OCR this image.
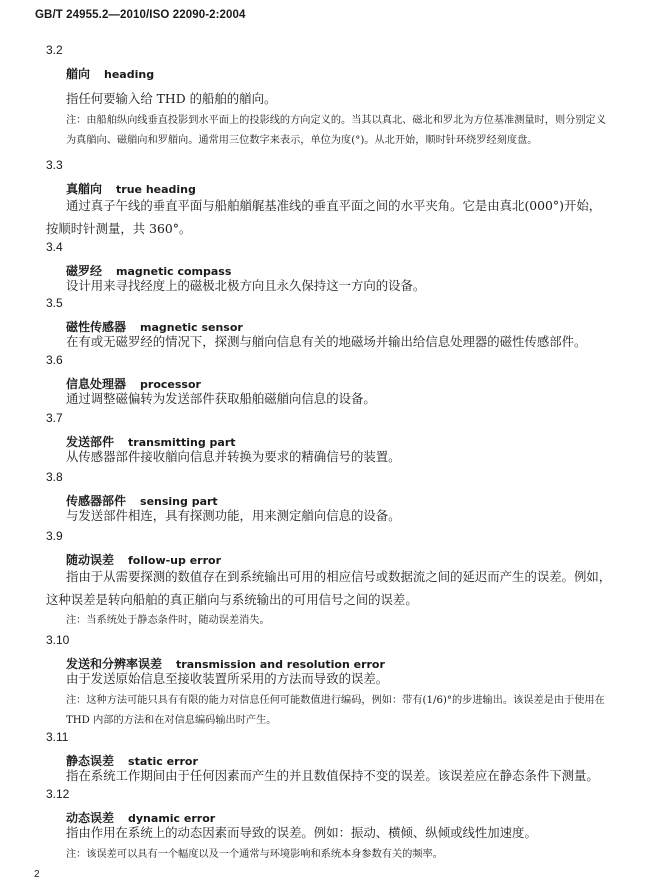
GB/T 24955.2—2010/ISO 22090-2:2004
3.2
艏向 heading
指任何要输入给 THD 的船舶的艏向。
注：由船舶纵向线垂直投影到水平面上的投影线的方向定义的。当其以真北、磁北和罗北为方位基准测量时，则分别定义为真艏向、磁艏向和罗艏向。通常用三位数字来表示，单位为度(°)。从北开始，顺时针环绕罗经刻度盘。
3.3
真艏向 true heading
通过真子午线的垂直平面与船舶艏艉基准线的垂直平面之间的水平夹角。它是由真北(000°)开始，按顺时针测量，共 360°。
3.4
磁罗经 magnetic compass
设计用来寻找经度上的磁极北极方向且永久保持这一方向的设备。
3.5
磁性传感器 magnetic sensor
在有或无磁罗经的情况下，探测与艏向信息有关的地磁场并输出给信息处理器的磁性传感部件。
3.6
信息处理器 processor
通过调整磁偏转为发送部件获取船舶磁艏向信息的设备。
3.7
发送部件 transmitting part
从传感器部件接收艏向信息并转换为要求的精确信号的装置。
3.8
传感器部件 sensing part
与发送部件相连，具有探测功能，用来测定艏向信息的设备。
3.9
随动误差 follow-up error
指由于从需要探测的数值存在到系统输出可用的相应信号或数据流之间的延迟而产生的误差。例如，这种误差是转向船舶的真正艏向与系统输出的可用信号之间的误差。
注：当系统处于静态条件时，随动误差消失。
3.10
发送和分辨率误差 transmission and resolution error
由于发送原始信息至接收装置所采用的方法而导致的误差。
注：这种方法可能只具有有限的能力对信息任何可能数值进行编码，例如：带有(1/6)°的步进输出。该误差是由于使用在 THD 内部的方法和在对信息编码输出时产生。
3.11
静态误差 static error
指在系统工作期间由于任何因素而产生的并且数值保持不变的误差。该误差应在静态条件下测量。
3.12
动态误差 dynamic error
指由作用在系统上的动态因素而导致的误差。例如：振动、横倾、纵倾或线性加速度。
注：该误差可以具有一个幅度以及一个通常与环境影响和系统本身参数有关的频率。
2
